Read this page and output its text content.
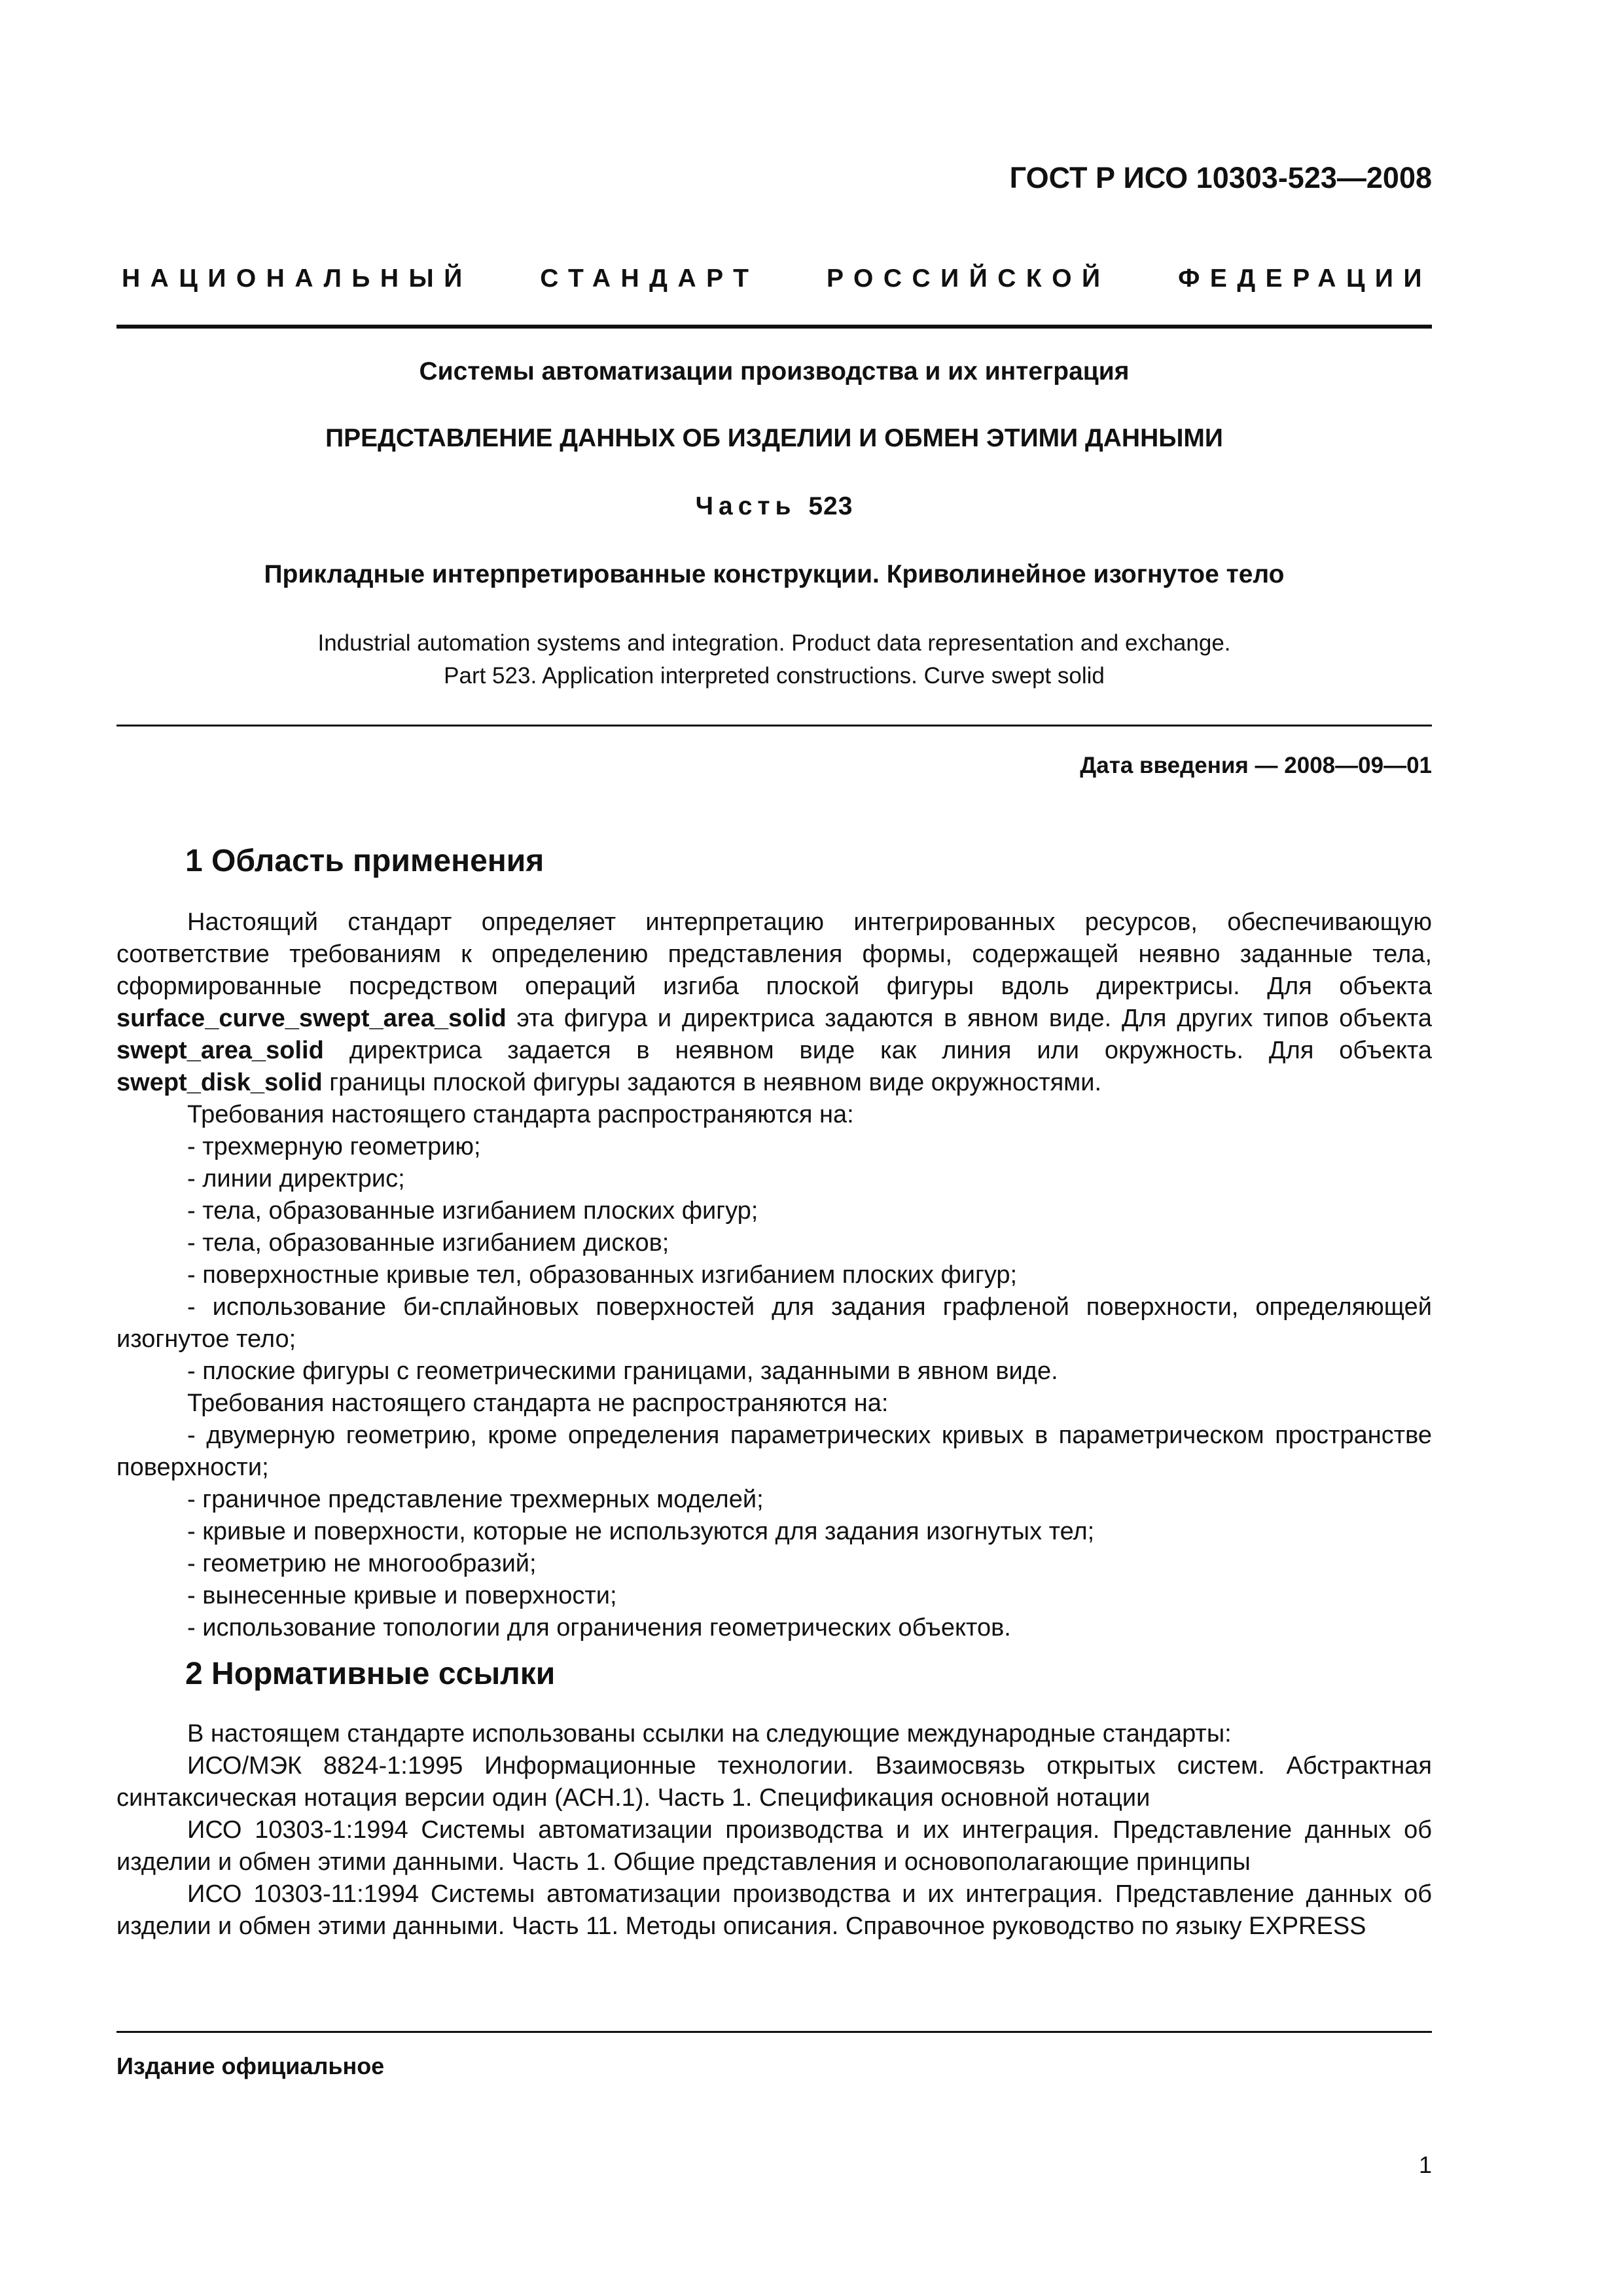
ГОСТ Р ИСО 10303-523—2008
НАЦИОНАЛЬНЫЙ	СТАНДАРТ	РОССИЙСКОЙ	ФЕДЕРАЦИИ
Системы автоматизации производства и их интеграция
ПРЕДСТАВЛЕНИЕ ДАННЫХ ОБ ИЗДЕЛИИ И ОБМЕН ЭТИМИ ДАННЫМИ
Часть 523
Прикладные интерпретированные конструкции. Криволинейное изогнутое тело
Industrial automation systems and integration. Product data representation and exchange.
Part 523. Application interpreted constructions. Curve swept solid
Дата введения — 2008—09—01
1 Область применения

Настоящий стандарт определяет интерпретацию интегрированных ресурсов, обеспечивающую соответствие требованиям к определению представления формы, содержащей неявно заданные тела, сформированные посредством операций изгиба плоской фигуры вдоль директрисы. Для объекта surface_curve_swept_area_solid эта фигура и директриса задаются в явном виде. Для других типов объекта swept_area_solid директриса задается в неявном виде как линия или окружность. Для объекта swept_disk_solid границы плоской фигуры задаются в неявном виде окружностями.

Требования настоящего стандарта распространяются на:

- трехмерную геометрию;

- линии директрис;

- тела, образованные изгибанием плоских фигур;

- тела, образованные изгибанием дисков;

- поверхностные кривые тел, образованных изгибанием плоских фигур;

- использование би-сплайновых поверхностей для задания графленой поверхности, определяющей изогнутое тело;

- плоские фигуры с геометрическими границами, заданными в явном виде.

Требования настоящего стандарта не распространяются на:

- двумерную геометрию, кроме определения параметрических кривых в параметрическом пространстве поверхности;

- граничное представление трехмерных моделей;

- кривые и поверхности, которые не используются для задания изогнутых тел;

- геометрию не многообразий;

- вынесенные кривые и поверхности;

- использование топологии для ограничения геометрических объектов.

2 Нормативные ссылки

В настоящем стандарте использованы ссылки на следующие международные стандарты:

ИСО/МЭК 8824-1:1995 Информационные технологии. Взаимосвязь открытых систем. Абстрактная синтаксическая нотация версии один (АСН.1). Часть 1. Спецификация основной нотации

ИСО 10303-1:1994 Системы автоматизации производства и их интеграция. Представление данных об изделии и обмен этими данными. Часть 1. Общие представления и основополагающие принципы

ИСО 10303-11:1994 Системы автоматизации производства и их интеграция. Представление данных об изделии и обмен этими данными. Часть 11. Методы описания. Справочное руководство по языку EXPRESS

Издание официальное
1
